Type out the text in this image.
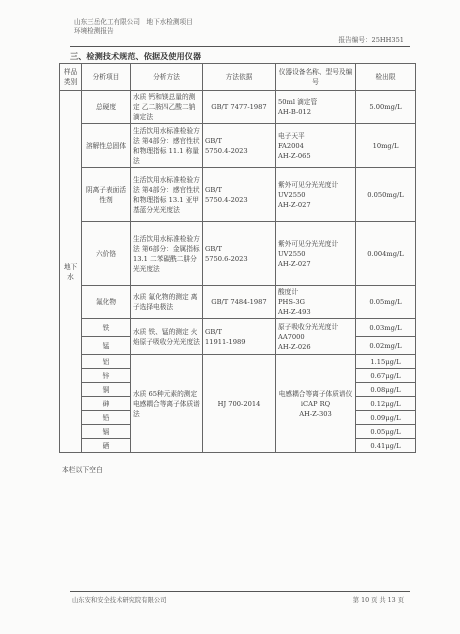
山东三岳化工有限公司　地下水检测项目
环境检测报告
报告编号：25HH351
三、检测技术规范、依据及使用仪器
样品类别	分析项目	分析方法	方法依据	仪器设备名称、型号及编号	检出限
地下水	总硬度	水质 钙和镁总量的测定 乙二胺四乙酸二钠滴定法	GB/T 7477-1987	50ml 滴定管
AH-B-012	5.00mg/L
	溶解性总固体	生活饮用水标准检验方法 第4部分：感官性状和物理指标 11.1 称量法	GB/T
5750.4-2023	电子天平
FA2004
AH-Z-065	10mg/L
	阴离子表面活性剂	生活饮用水标准检验方法 第4部分：感官性状和物理指标 13.1 亚甲基蓝分光光度法	GB/T
5750.4-2023	紫外可见分光光度计 UV2550
AH-Z-027	0.050mg/L
	六价铬	生活饮用水标准检验方法 第6部分：金属指标 13.1 二苯碳酰二肼分光光度法	GB/T
5750.6-2023	紫外可见分光光度计 UV2550
AH-Z-027	0.004mg/L
	氟化物	水质 氟化物的测定 离子选择电极法	GB/T 7484-1987	酸度计
PHS-3G
AH-Z-493	0.05mg/L
	铁	水质 铁、锰的测定 火焰原子吸收分光光度法	GB/T
11911-1989	原子吸收分光光度计 AA7000
AH-Z-026	0.03mg/L
	锰				0.02mg/L
	铝	水质 65种元素的测定 电感耦合等离子体质谱法	HJ 700-2014	电感耦合等离子体质谱仪
iCAP RQ
AH-Z-303	1.15μg/L
	锌				0.67μg/L
	铜				0.08μg/L
	砷				0.12μg/L
	铅				0.09μg/L
	镉				0.05μg/L
	硒				0.41μg/L
本栏以下空白
山东安和安全技术研究院有限公司	第 10 页 共 13 页
